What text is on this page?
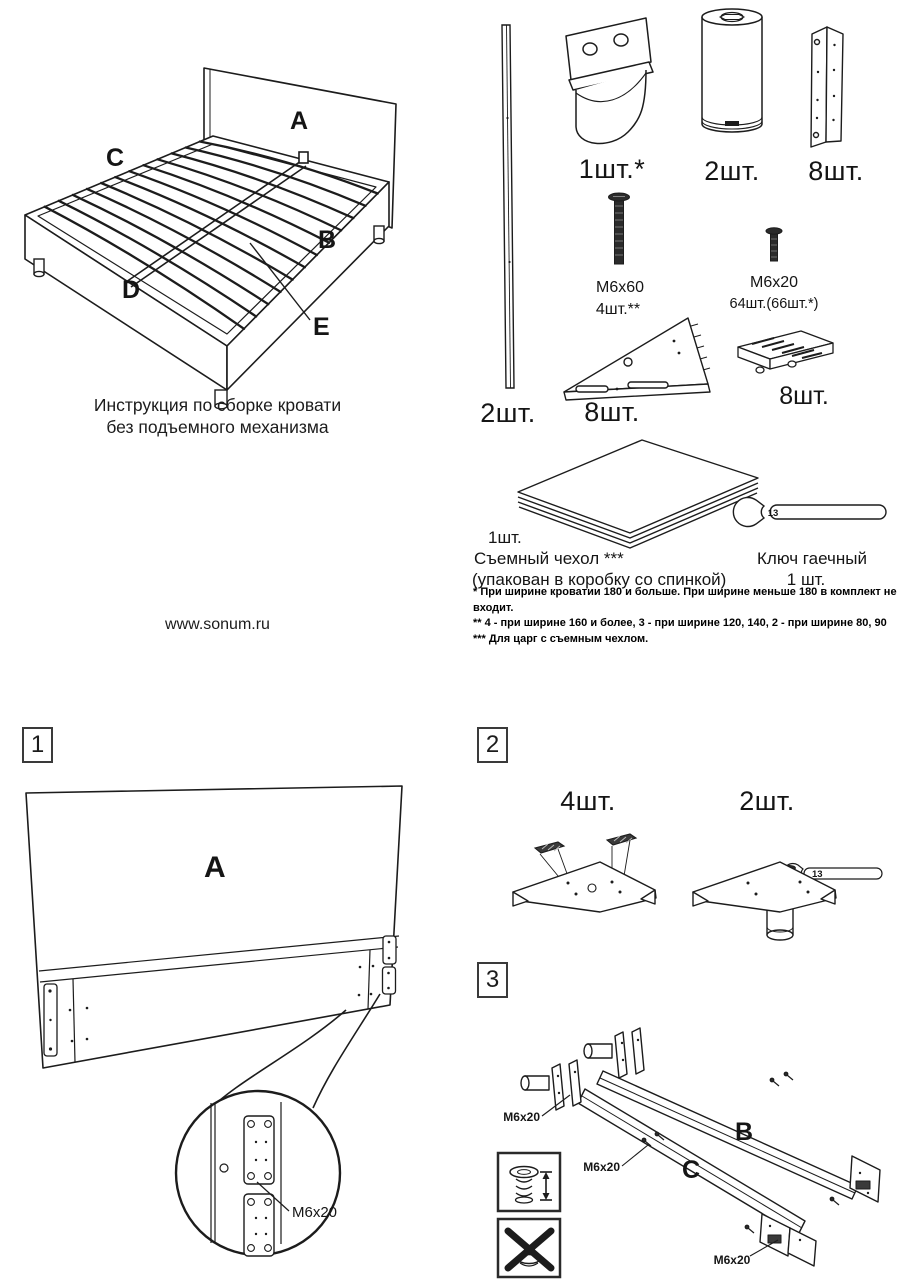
A
C
B
D
E
Инструкция по сборке кровати
без подъемного механизма
www.sonum.ru
2шт.
1шт.* 2шт. 8шт.
M6x60
4шт.**
M6x20
64шт.(66шт.*)
8шт.
8шт.
1шт.
Съемный чехол ***
(упакован в коробку со спинкой)
13
Ключ гаечный
1 шт.
* При ширине кроватии 180 и больше. При ширине меньше 180 в комплект не входит.
** 4 - при ширине 160 и более, 3 - при ширине 120, 140, 2 - при ширине 80, 90
*** Для царг с съемным чехлом.
1	2
3
A
M6x20
4шт.	2шт.
13
M6x20
M6x20
M6x20
B
C
